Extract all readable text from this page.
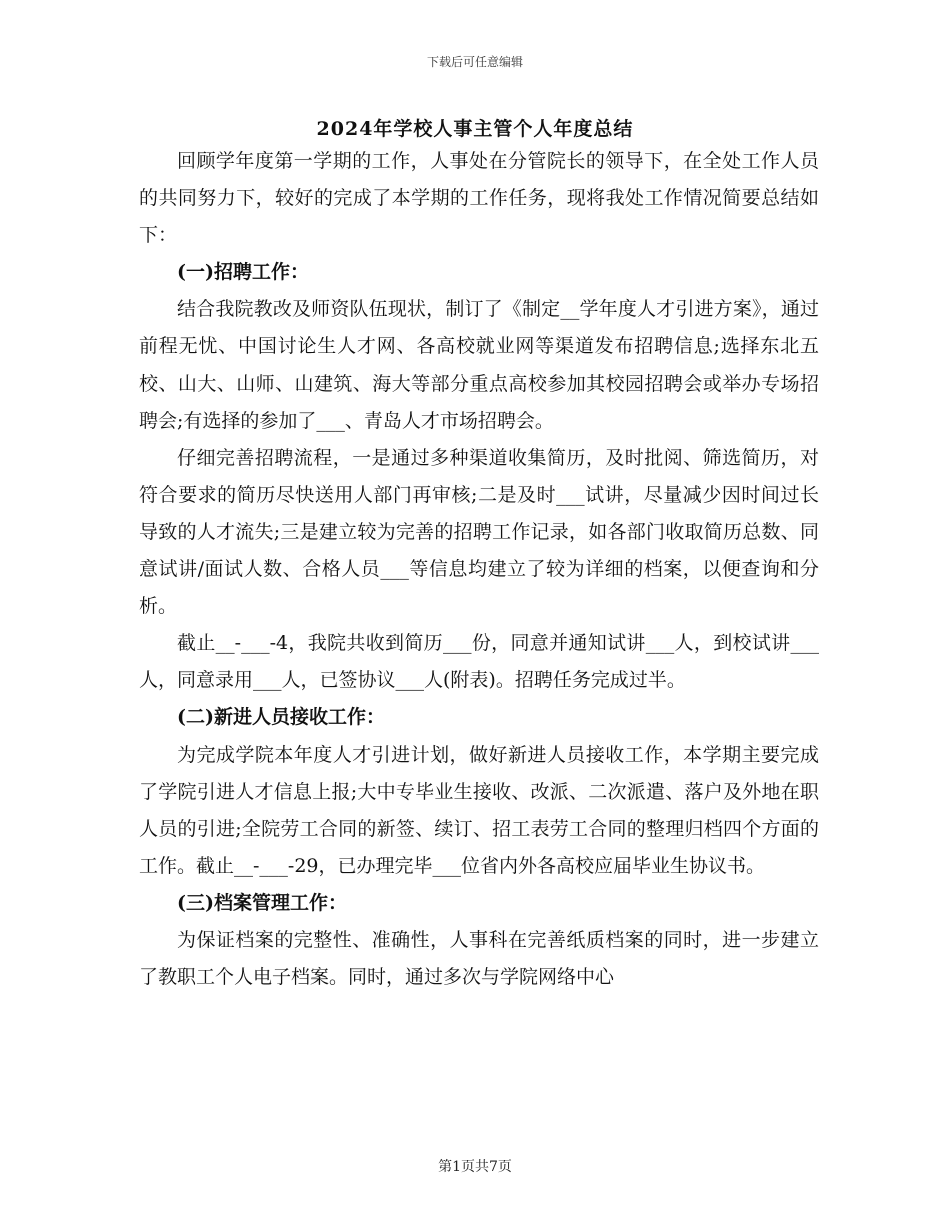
下载后可任意编辑
2024年学校人事主管个人年度总结

回顾学年度第一学期的工作，人事处在分管院长的领导下，在全处工作人员的共同努力下，较好的完成了本学期的工作任务，现将我处工作情况简要总结如下：

(一)招聘工作：

结合我院教改及师资队伍现状，制订了《制定__学年度人才引进方案》，通过前程无忧、中国讨论生人才网、各高校就业网等渠道发布招聘信息;选择东北五校、山大、山师、山建筑、海大等部分重点高校参加其校园招聘会或举办专场招聘会;有选择的参加了___、青岛人才市场招聘会。

仔细完善招聘流程，一是通过多种渠道收集简历，及时批阅、筛选简历，对符合要求的简历尽快送用人部门再审核;二是及时___试讲，尽量减少因时间过长导致的人才流失;三是建立较为完善的招聘工作记录，如各部门收取简历总数、同意试讲/面试人数、合格人员___等信息均建立了较为详细的档案，以便查询和分析。

截止__-___-4，我院共收到简历___份，同意并通知试讲___人，到校试讲___人，同意录用___人，已签协议___人(附表)。招聘任务完成过半。

(二)新进人员接收工作：

为完成学院本年度人才引进计划，做好新进人员接收工作，本学期主要完成了学院引进人才信息上报;大中专毕业生接收、改派、二次派遣、落户及外地在职人员的引进;全院劳工合同的新签、续订、招工表劳工合同的整理归档四个方面的工作。截止__-___-29，已办理完毕___位省内外各高校应届毕业生协议书。

(三)档案管理工作：

为保证档案的完整性、准确性，人事科在完善纸质档案的同时，进一步建立了教职工个人电子档案。同时，通过多次与学院网络中心

第1页共7页
